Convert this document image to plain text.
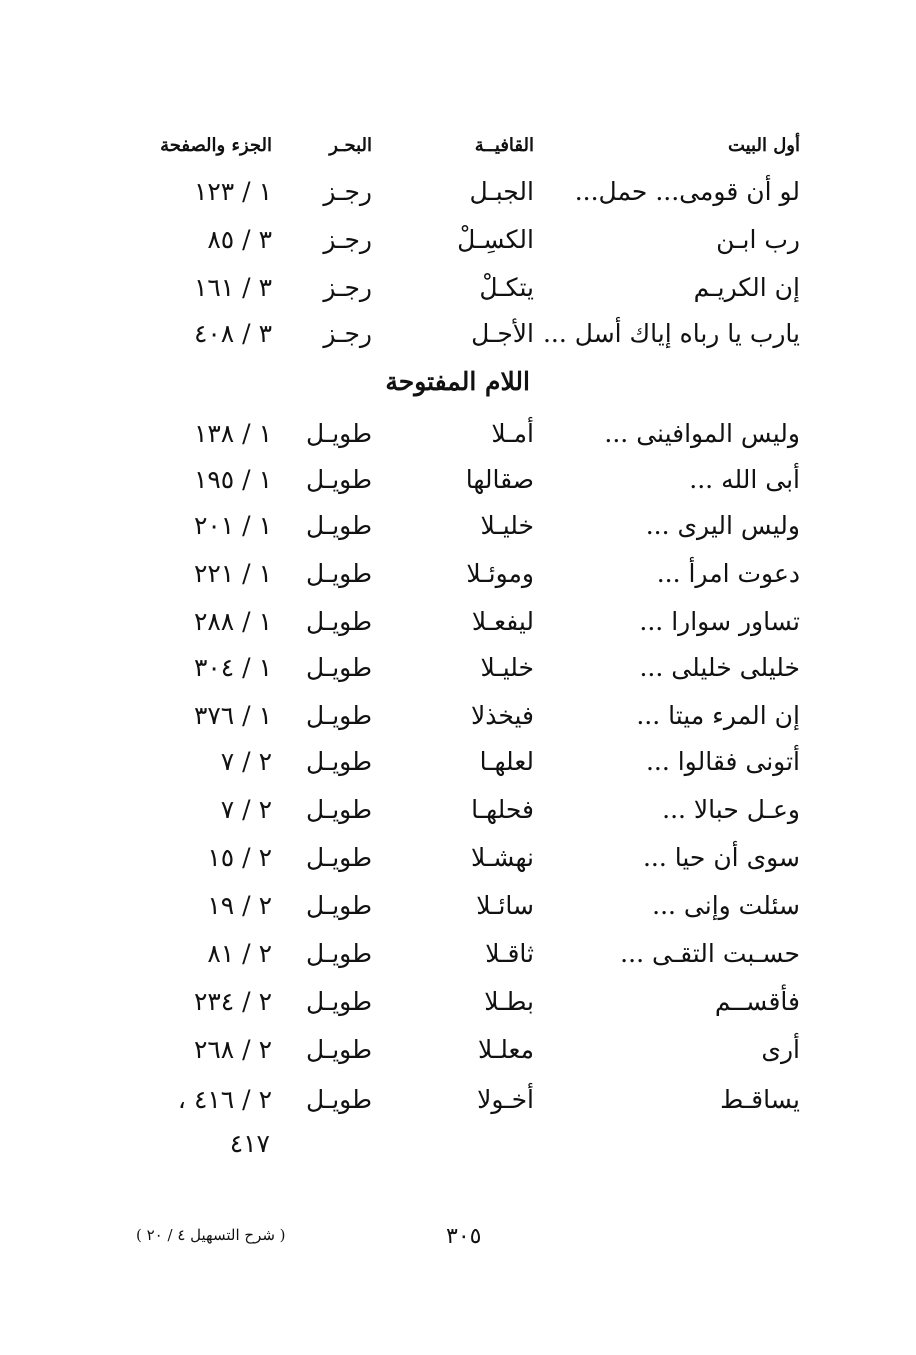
أول البيت
القافيــة
البحـر
الجزء والصفحة
لو أن قومى... حمل...
الجبـل
رجـز
١ / ١٢٣
رب ابـن
الكسِـلْ
رجـز
٣ / ٨٥
إن الكريـم
يتكـلْ
رجـز
٣ / ١٦١
يارب يا رباه إياك أسل ...
الأجـل
رجـز
٣ / ٤٠٨
اللام المفتوحة
وليس الموافينى ...
أمـلا
طويـل
١ / ١٣٨
أبى الله ...
صقالها
طويـل
١ / ١٩٥
وليس اليرى ...
خليـلا
طويـل
١ / ٢٠١
دعوت امرأ ...
وموئـلا
طويـل
١ / ٢٢١
تساور سوارا ...
ليفعـلا
طويـل
١ / ٢٨٨
خليلى خليلى ...
خليـلا
طويـل
١ / ٣٠٤
إن المرء ميتا ...
فيخذلا
طويـل
١ / ٣٧٦
أتونى فقالوا ...
لعلهـا
طويـل
٢ / ٧
وعـل حبالا ...
فحلهـا
طويـل
٢ / ٧
سوى أن حيا ...
نهشـلا
طويـل
٢ / ١٥
سئلت وإنى ...
سائـلا
طويـل
٢ / ١٩
حسـبت التقـى ...
ثاقـلا
طويـل
٢ / ٨١
فأقســم
بطـلا
طويـل
٢ / ٢٣٤
أرى
معلـلا
طويـل
٢ / ٢٦٨
يساقـط
أخـولا
طويـل
٢ / ٤١٦ ،
٤١٧
( شرح التسهيل ٤ / ٢٠ )	٣٠٥
